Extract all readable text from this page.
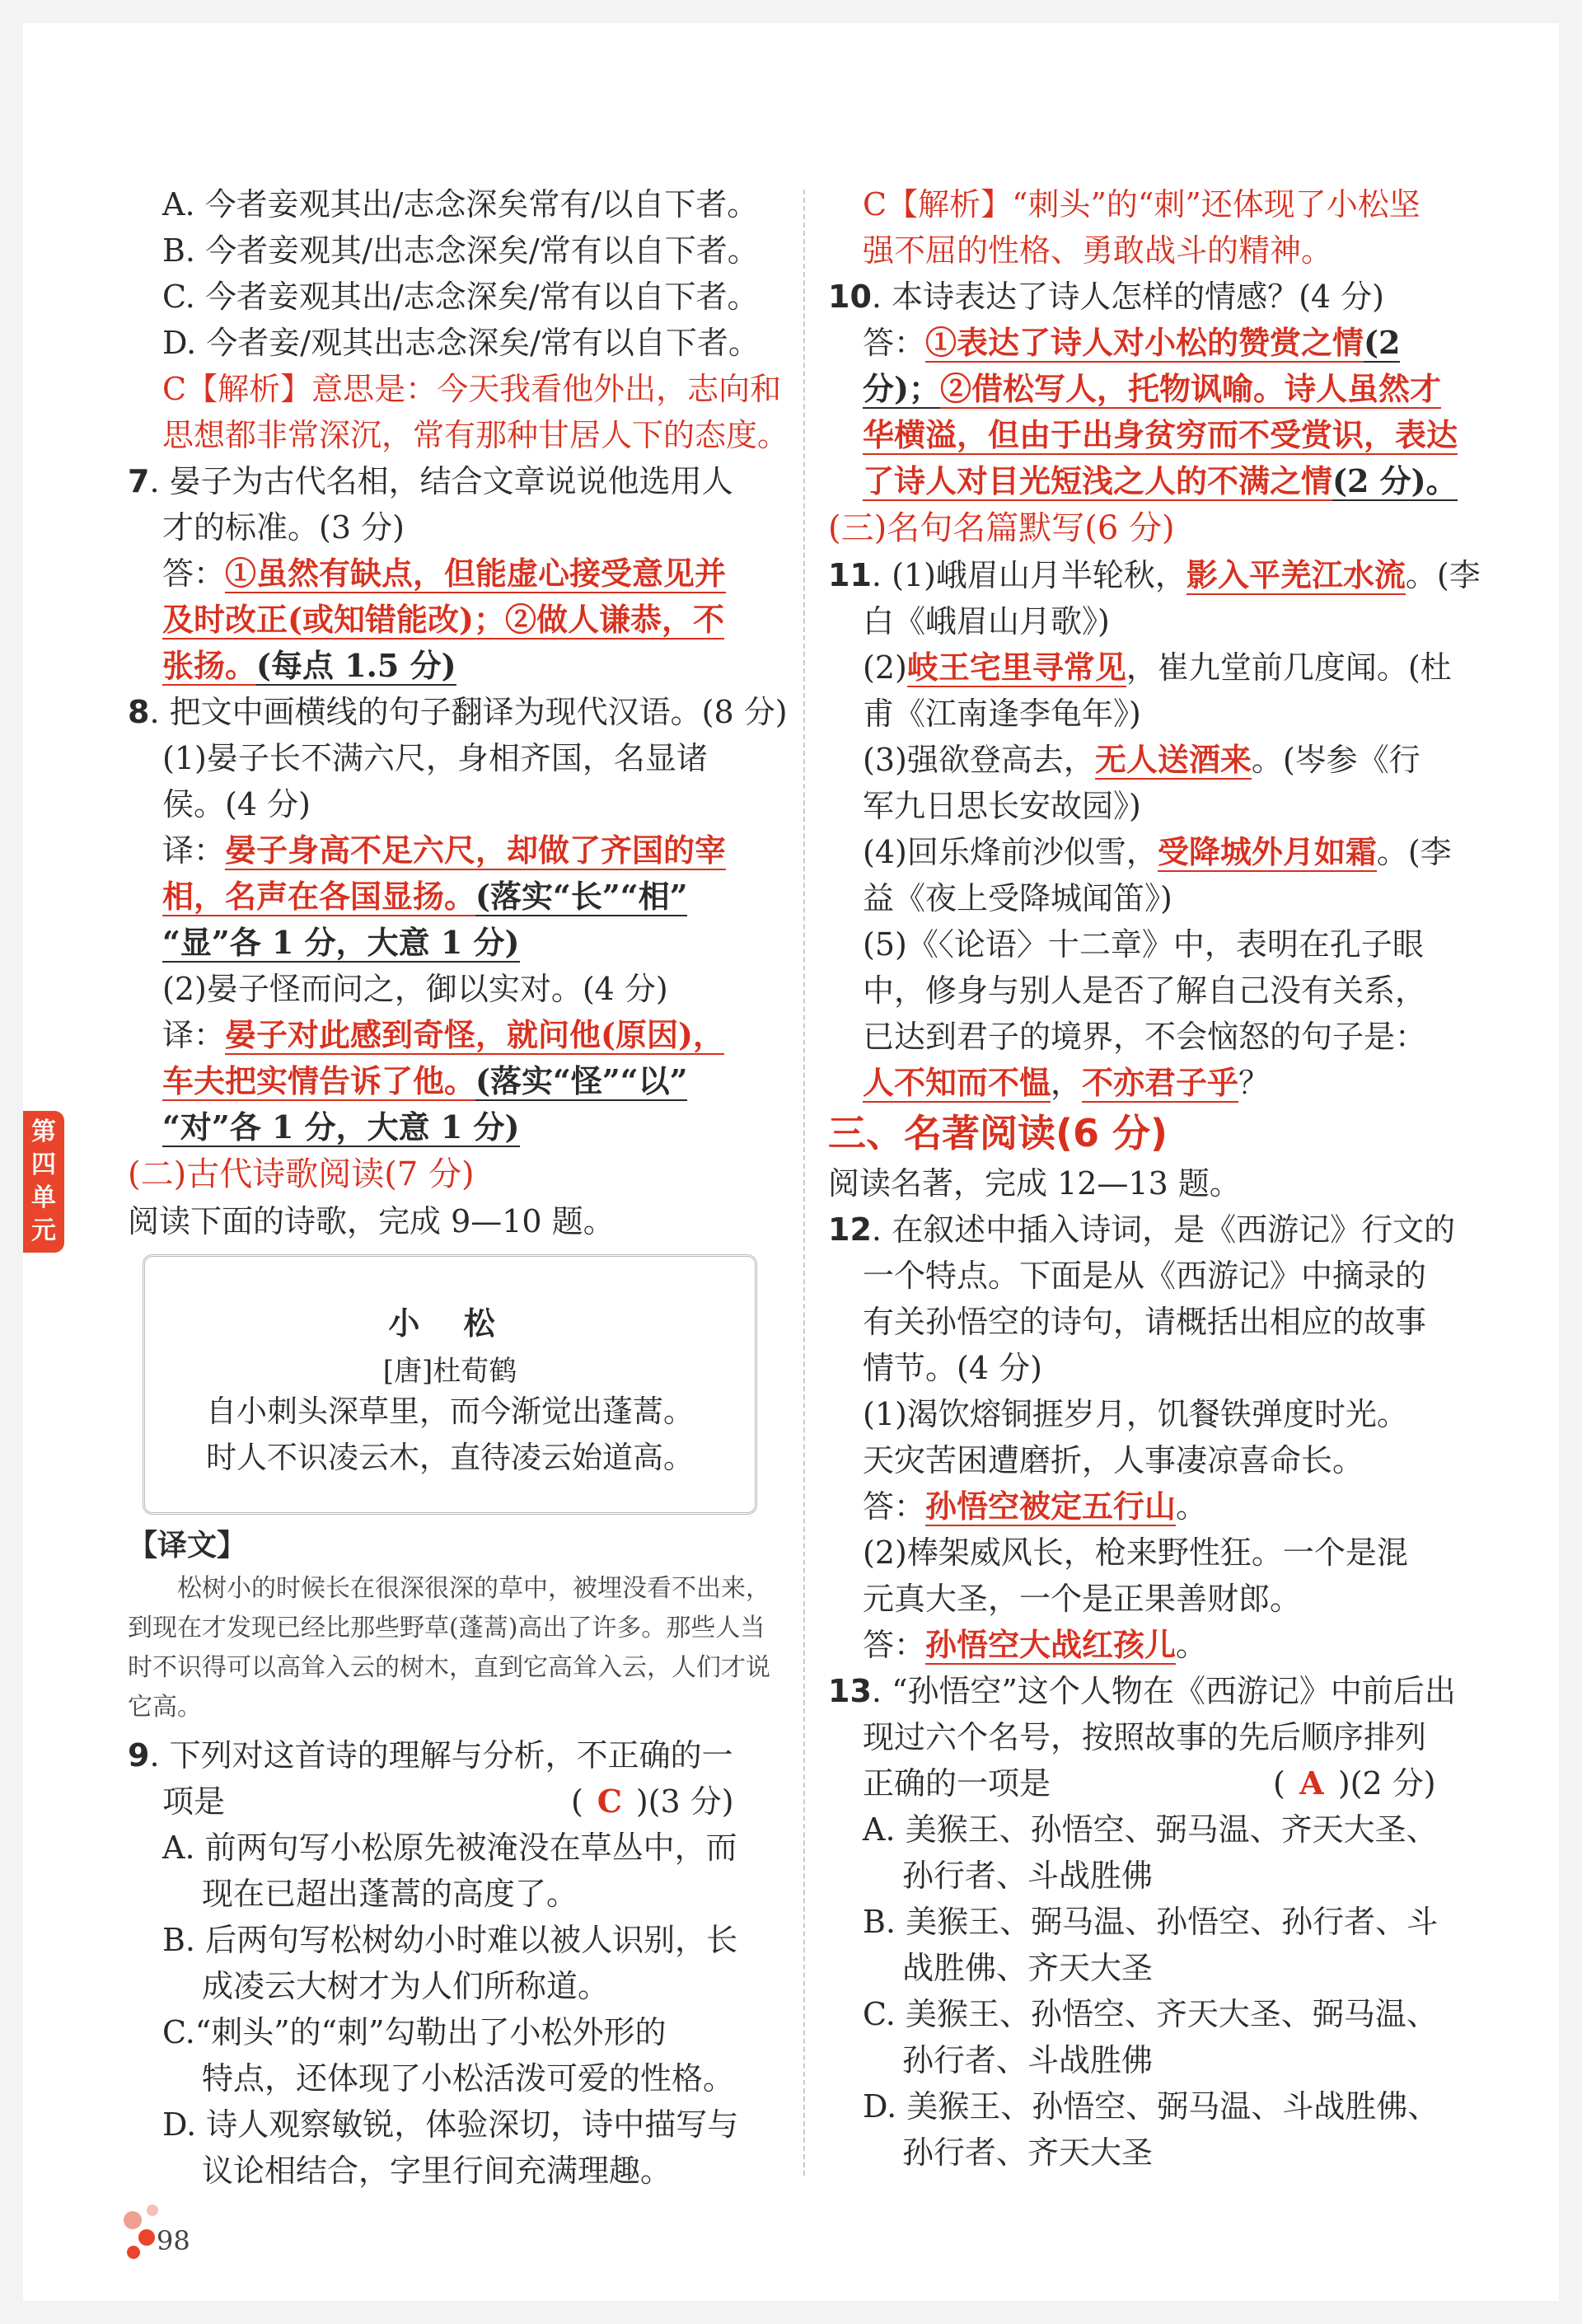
A. 今者妾观其出/志念深矣常有/以自下者。
B. 今者妾观其/出志念深矣/常有以自下者。
C. 今者妾观其出/志念深矣/常有以自下者。
D. 今者妾/观其出志念深矣/常有以自下者。
C【解析】意思是：今天我看他外出，志向和
思想都非常深沉，常有那种甘居人下的态度。
7. 晏子为古代名相，结合文章说说他选用人
才的标准。(3 分)
答：①虽然有缺点，但能虚心接受意见并
及时改正(或知错能改)；②做人谦恭，不
张扬。(每点 1.5 分)
8. 把文中画横线的句子翻译为现代汉语。(8 分)
(1)晏子长不满六尺，身相齐国，名显诸
侯。(4 分)
译：晏子身高不足六尺，却做了齐国的宰
相，名声在各国显扬。(落实“长”“相”
“显”各 1 分，大意 1 分)
(2)晏子怪而问之，御以实对。(4 分)
译：晏子对此感到奇怪，就问他(原因)，
车夫把实情告诉了他。(落实“怪”“以”
“对”各 1 分，大意 1 分)
(二)古代诗歌阅读(7 分)
阅读下面的诗歌，完成 9—10 题。
小 松
[唐]杜荀鹤
自小刺头深草里，而今渐觉出蓬蒿。
时人不识凌云木，直待凌云始道高。
【译文】
松树小的时候长在很深很深的草中，被埋没看不出来，到现在才发现已经比那些野草(蓬蒿)高出了许多。那些人当时不识得可以高耸入云的树木，直到它高耸入云，人们才说它高。
9. 下列对这首诗的理解与分析，不正确的一
项是	( C )(3 分)
A. 前两句写小松原先被淹没在草丛中，而
现在已超出蓬蒿的高度了。
B. 后两句写松树幼小时难以被人识别，长
成凌云大树才为人们所称道。
C.“刺头”的“刺”勾勒出了小松外形的
特点，还体现了小松活泼可爱的性格。
D. 诗人观察敏锐，体验深切，诗中描写与
议论相结合，字里行间充满理趣。
C【解析】“刺头”的“刺”还体现了小松坚
强不屈的性格、勇敢战斗的精神。
10. 本诗表达了诗人怎样的情感？(4 分)
答：①表达了诗人对小松的赞赏之情(2
分)；②借松写人，托物讽喻。诗人虽然才
华横溢，但由于出身贫穷而不受赏识，表达
了诗人对目光短浅之人的不满之情(2 分)。
(三)名句名篇默写(6 分)
11. (1)峨眉山月半轮秋，影入平羌江水流。(李
白《峨眉山月歌》)
(2)岐王宅里寻常见，崔九堂前几度闻。(杜
甫《江南逢李龟年》)
(3)强欲登高去，无人送酒来。(岑参《行
军九日思长安故园》)
(4)回乐烽前沙似雪，受降城外月如霜。(李
益《夜上受降城闻笛》)
(5)《〈论语〉十二章》中，表明在孔子眼
中，修身与别人是否了解自己没有关系，
已达到君子的境界，不会恼怒的句子是：
人不知而不愠，不亦君子乎？
三、名著阅读(6 分)
阅读名著，完成 12—13 题。
12. 在叙述中插入诗词，是《西游记》行文的
一个特点。下面是从《西游记》中摘录的
有关孙悟空的诗句，请概括出相应的故事
情节。(4 分)
(1)渴饮熔铜捱岁月，饥餐铁弹度时光。
天灾苦困遭磨折，人事凄凉喜命长。
答：孙悟空被定五行山。
(2)棒架威风长，枪来野性狂。一个是混
元真大圣，一个是正果善财郎。
答：孙悟空大战红孩儿。
13. “孙悟空”这个人物在《西游记》中前后出
现过六个名号，按照故事的先后顺序排列
正确的一项是	( A )(2 分)
A. 美猴王、孙悟空、弼马温、齐天大圣、
孙行者、斗战胜佛
B. 美猴王、弼马温、孙悟空、孙行者、斗
战胜佛、齐天大圣
C. 美猴王、孙悟空、齐天大圣、弼马温、
孙行者、斗战胜佛
D. 美猴王、孙悟空、弼马温、斗战胜佛、
孙行者、齐天大圣
第四单元
98
